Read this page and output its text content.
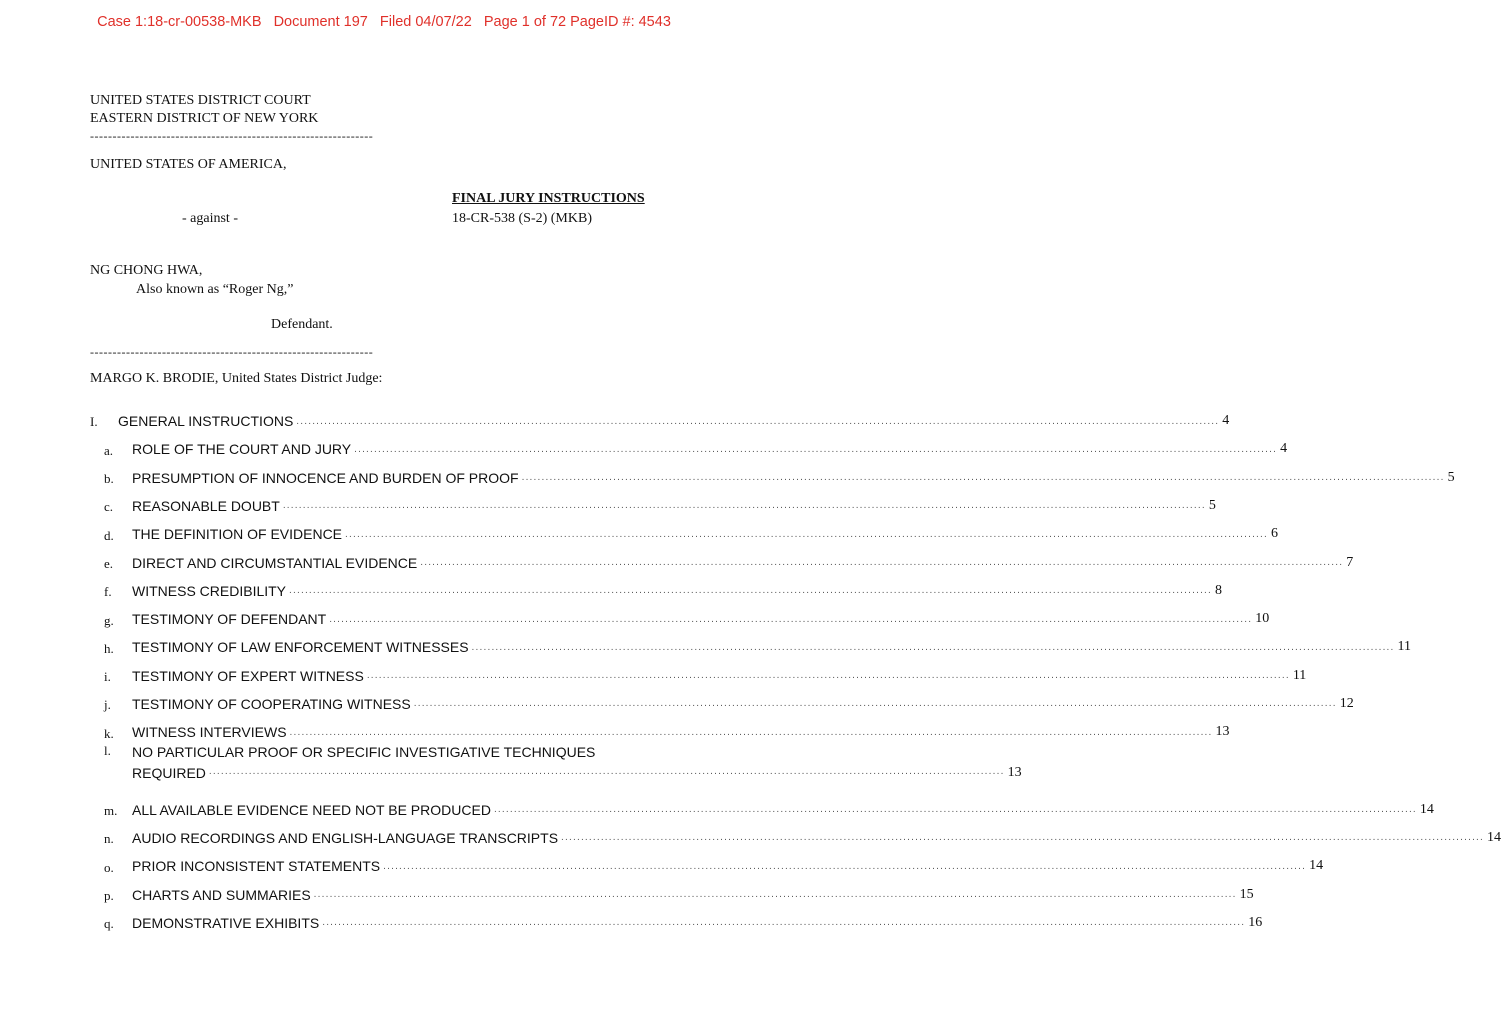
Case 1:18-cr-00538-MKB Document 197 Filed 04/07/22 Page 1 of 72 PageID #: 4543
UNITED STATES DISTRICT COURT
EASTERN DISTRICT OF NEW YORK
---------------------------------------------------------------
UNITED STATES OF AMERICA,
FINAL JURY INSTRUCTIONS
- against -	18-CR-538 (S-2) (MKB)
NG CHONG HWA,
Also known as “Roger Ng,”
Defendant.
---------------------------------------------------------------
MARGO K. BRODIE, United States District Judge:
I.	GENERAL INSTRUCTIONS .....	4
a.	ROLE OF THE COURT AND JURY .....	4
b.	PRESUMPTION OF INNOCENCE AND BURDEN OF PROOF .....	5
c.	REASONABLE DOUBT .....	5
d.	THE DEFINITION OF EVIDENCE .....	6
e.	DIRECT AND CIRCUMSTANTIAL EVIDENCE .....	7
f.	WITNESS CREDIBILITY .....	8
g.	TESTIMONY OF DEFENDANT .....	10
h.	TESTIMONY OF LAW ENFORCEMENT WITNESSES .....	11
i.	TESTIMONY OF EXPERT WITNESS .....	11
j.	TESTIMONY OF COOPERATING WITNESS .....	12
k.	WITNESS INTERVIEWS .....	13
l.	NO PARTICULAR PROOF OR SPECIFIC INVESTIGATIVE TECHNIQUES
REQUIRED ........................................................................................................................................................................................................ 13
m.	ALL AVAILABLE EVIDENCE NEED NOT BE PRODUCED .....	14
n.	AUDIO RECORDINGS AND ENGLISH-LANGUAGE TRANSCRIPTS .....	14
o.	PRIOR INCONSISTENT STATEMENTS .....	14
p.	CHARTS AND SUMMARIES .....	15
q.	DEMONSTRATIVE EXHIBITS .....	16
